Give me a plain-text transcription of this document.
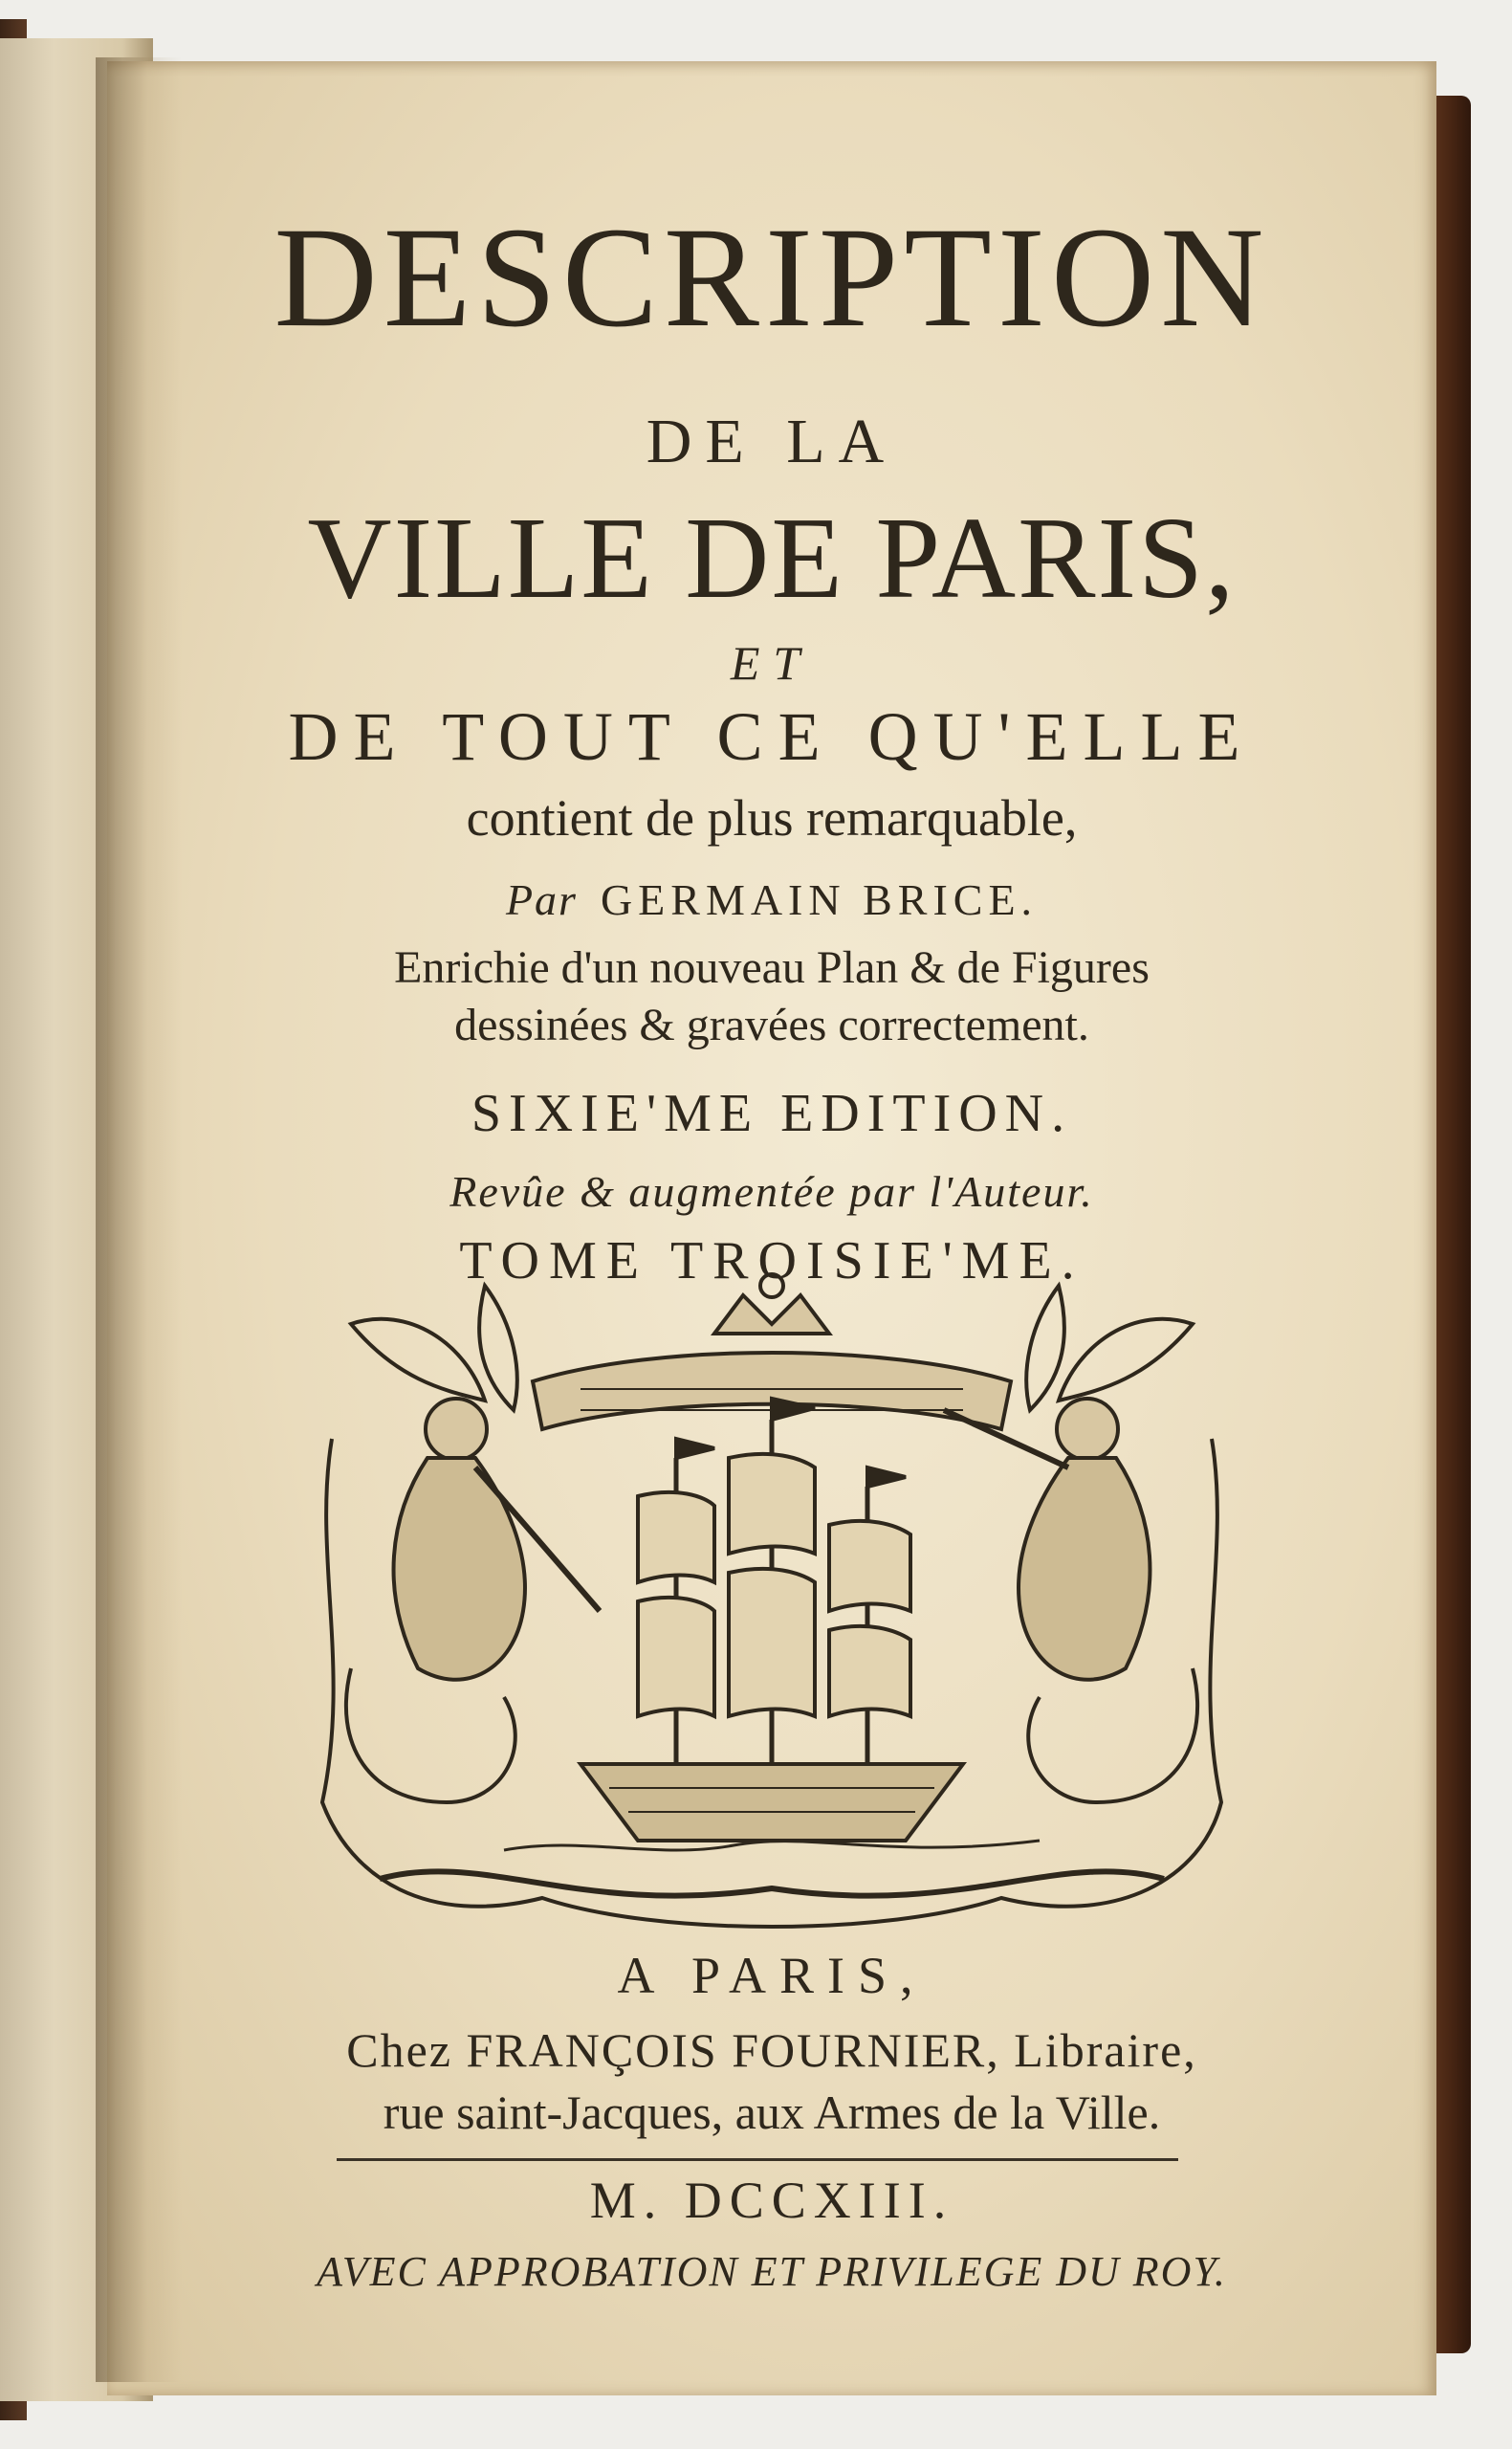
DESCRIPTION
DE LA
VILLE DE PARIS,
ET
DE TOUT CE QU'ELLE
contient de plus remarquable,
Par GERMAIN BRICE.
Enrichie d'un nouveau Plan & de Figures
dessinées & gravées correctement.
SIXIE'ME EDITION.
Revûe & augmentée par l'Auteur.
TOME TROISIE'ME.
A PARIS,
Chez FRANÇOIS FOURNIER, Libraire,
rue saint-Jacques, aux Armes de la Ville.
M. DCCXIII.
AVEC APPROBATION ET PRIVILEGE DU ROY.
